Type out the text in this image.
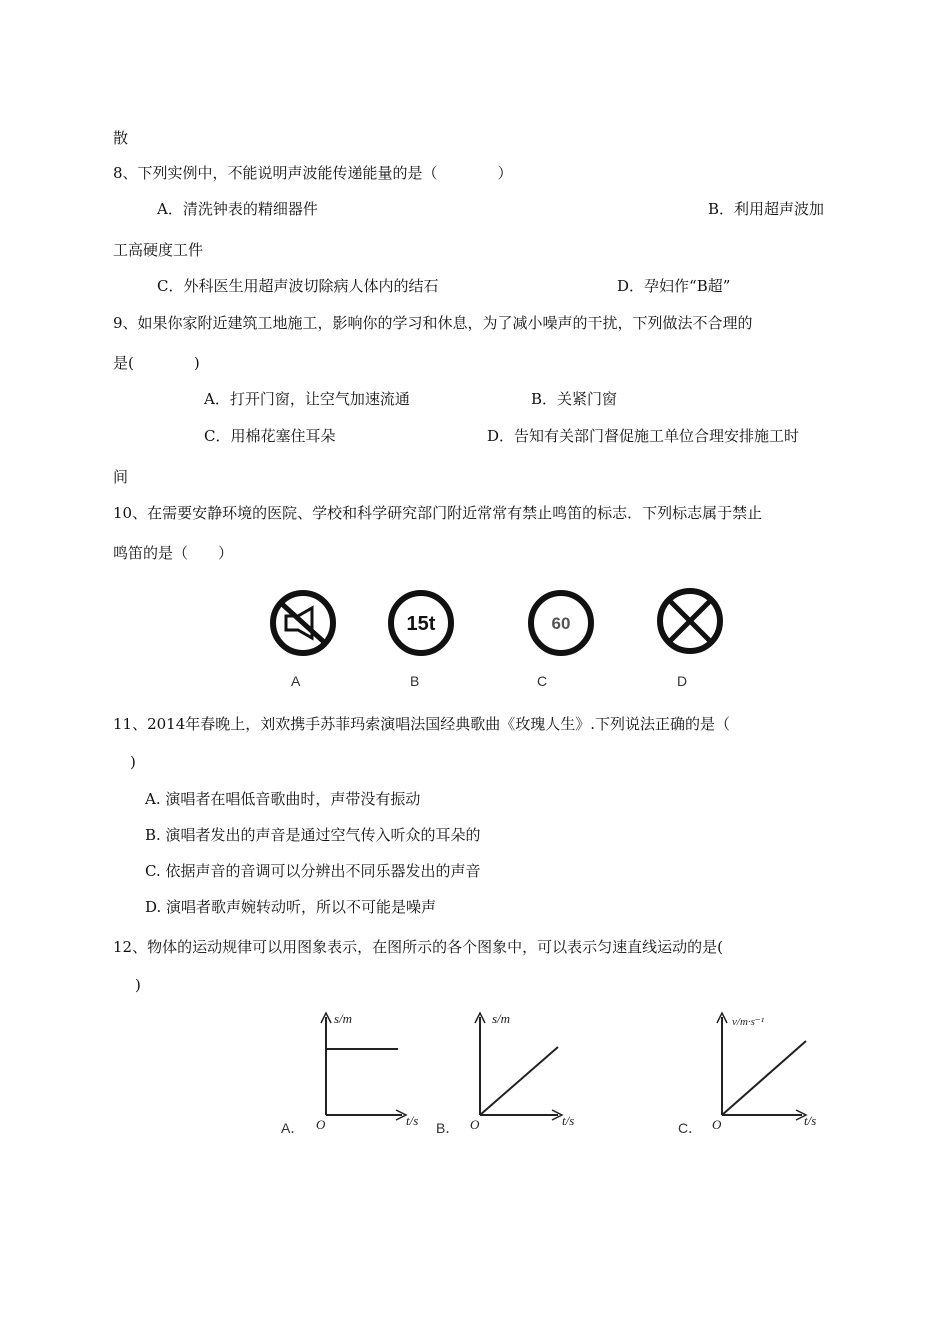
散
8、下列实例中，不能说明声波能传递能量的是（　　　　）
A．清洗钟表的精细器件	B．利用超声波加
工高硬度工件
C．外科医生用超声波切除病人体内的结石	D．孕妇作“B超”
9、如果你家附近建筑工地施工，影响你的学习和休息，为了减小噪声的干扰，下列做法不合理的
是(　　　　)
A．打开门窗，让空气加速流通	B．关紧门窗
C．用棉花塞住耳朵	D．告知有关部门督促施工单位合理安排施工时
间
10、在需要安静环境的医院、学校和科学研究部门附近常常有禁止鸣笛的标志．下列标志属于禁止
鸣笛的是（　　）
15t	60
A	B	C	D
11、2014年春晚上，刘欢携手苏菲玛索演唱法国经典歌曲《玫瑰人生》.下列说法正确的是（
)
A. 演唱者在唱低音歌曲时，声带没有振动
B. 演唱者发出的声音是通过空气传入听众的耳朵的
C. 依据声音的音调可以分辨出不同乐器发出的声音
D. 演唱者歌声婉转动听，所以不可能是噪声
12、物体的运动规律可以用图象表示，在图所示的各个图象中，可以表示匀速直线运动的是(
)
s/m
t/s
O
A．
s/m
t/s
O
B．
v/m·s⁻¹
t/s
O
C．
